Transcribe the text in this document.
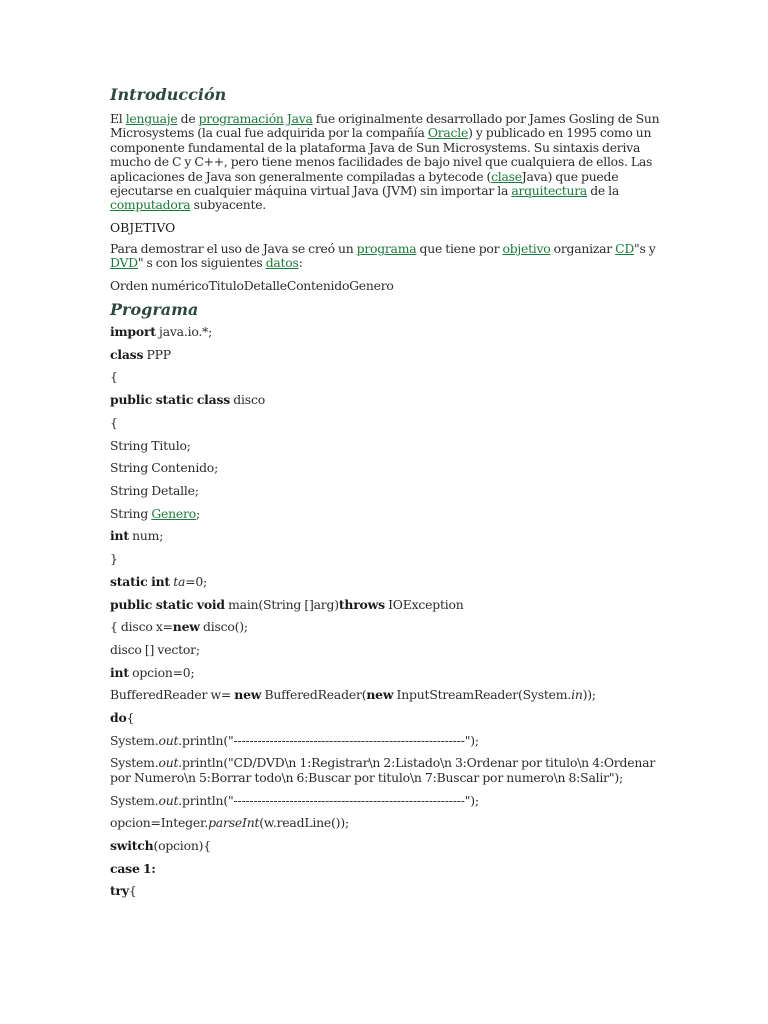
Introducción

El lenguaje de programación Java fue originalmente desarrollado por James Gosling de Sun Microsystems (la cual fue adquirida por la compañía Oracle) y publicado en 1995 como un componente fundamental de la plataforma Java de Sun Microsystems. Su sintaxis deriva mucho de C y C++, pero tiene menos facilidades de bajo nivel que cualquiera de ellos. Las aplicaciones de Java son generalmente compiladas a bytecode (claseJava) que puede ejecutarse en cualquier máquina virtual Java (JVM) sin importar la arquitectura de la computadora subyacente.

OBJETIVO

Para demostrar el uso de Java se creó un programa que tiene por objetivo organizar CD"s y DVD" s con los siguientes datos:

Orden numéricoTituloDetalleContenidoGenero

Programa

import java.io.*;

class PPP

{

public static class disco

{

String Titulo;

String Contenido;

String Detalle;

String Genero;

int num;

}

static int ta=0;

public static void main(String []arg)throws IOException

{ disco x=new disco();

disco [] vector;

int opcion=0;

BufferedReader w= new BufferedReader(new InputStreamReader(System.in));

do{

System.out.println("----------------------------------------------------------");

System.out.println("CD/DVD\n 1:Registrar\n 2:Listado\n 3:Ordenar por titulo\n 4:Ordenar por Numero\n 5:Borrar todo\n 6:Buscar por titulo\n 7:Buscar por numero\n 8:Salir");

System.out.println("----------------------------------------------------------");

opcion=Integer.parseInt(w.readLine());

switch(opcion){

case 1:

try{
